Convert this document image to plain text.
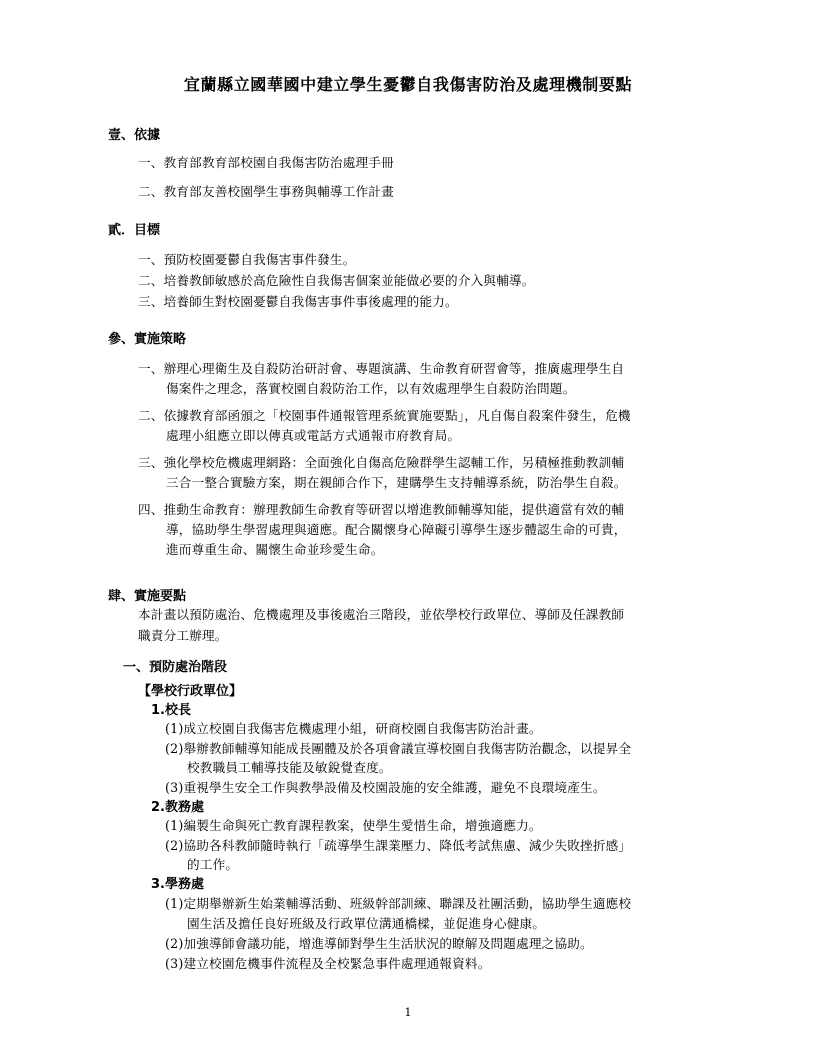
宜蘭縣立國華國中建立學生憂鬱自我傷害防治及處理機制要點
壹、依據
一、教育部教育部校園自我傷害防治處理手冊
二、教育部友善校園學生事務與輔導工作計畫
貳．目標
一、預防校園憂鬱自我傷害事件發生。
二、培養教師敏感於高危險性自我傷害個案並能做必要的介入與輔導。
三、培養師生對校園憂鬱自我傷害事件事後處理的能力。
參、實施策略
一、辦理心理衛生及自殺防治研討會、專題演講、生命教育研習會等，推廣處理學生自
傷案件之理念，落實校園自殺防治工作，以有效處理學生自殺防治問題。
二、依據教育部函頒之「校園事件通報管理系統實施要點」，凡自傷自殺案件發生，危機
處理小組應立即以傳真或電話方式通報市府教育局。
三、強化學校危機處理網路：全面強化自傷高危險群學生認輔工作，另積極推動教訓輔
三合一整合實驗方案，期在親師合作下，建購學生支持輔導系統，防治學生自殺。
四、推動生命教育：辦理教師生命教育等研習以增進教師輔導知能，提供適當有效的輔
導，協助學生學習處理與適應。配合關懷身心障礙引導學生逐步體認生命的可貴，
進而尊重生命、關懷生命並珍愛生命。
肆、實施要點
本計畫以預防處治、危機處理及事後處治三階段，並依學校行政單位、導師及任課教師
職責分工辦理。
一、預防處治階段
【學校行政單位】
1.校長
(1)成立校園自我傷害危機處理小組，研商校園自我傷害防治計畫。
(2)舉辦教師輔導知能成長團體及於各項會議宣導校園自我傷害防治觀念，以提昇全
校教職員工輔導技能及敏銳覺查度。
(3)重視學生安全工作與教學設備及校園設施的安全維護，避免不良環境產生。
2.教務處
(1)編製生命與死亡教育課程教案，使學生愛惜生命，增強適應力。
(2)協助各科教師隨時執行「疏導學生課業壓力、降低考試焦慮、減少失敗挫折感」
的工作。
3.學務處
(1)定期舉辦新生始業輔導活動、班級幹部訓練、聯課及社團活動，協助學生適應校
園生活及擔任良好班級及行政單位溝通橋樑，並促進身心健康。
(2)加強導師會議功能，增進導師對學生生活狀況的瞭解及問題處理之協助。
(3)建立校園危機事件流程及全校緊急事件處理通報資料。
1
